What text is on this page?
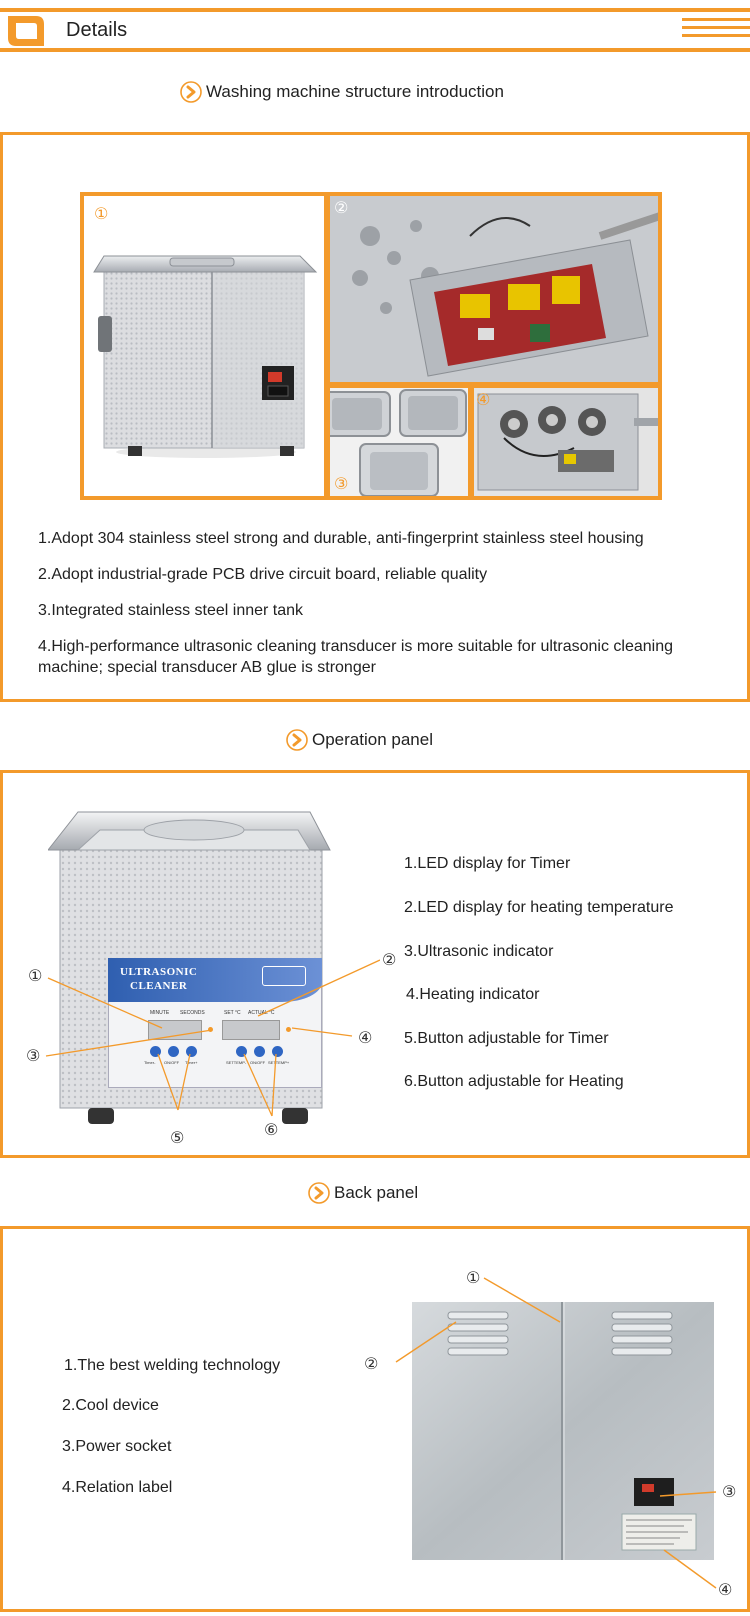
Details
Washing machine structure introduction
①	②
③
④
1.Adopt 304 stainless steel strong and durable, anti-fingerprint stainless steel housing
2.Adopt industrial-grade PCB drive circuit board, reliable quality
3.Integrated stainless steel inner tank
4.High-performance ultrasonic cleaning transducer is more suitable for ultrasonic cleaning machine; special transducer AB glue is stronger
Operation panel
ULTRASONIC
CLEANER
MINUTE SECONDS	SET °C ACTUAL °C
Timer- ON/OFF Timer+	SETTEMP- ON/OFF SETTEMP+
①
②
③
④
⑤	⑥
1.LED display for Timer
2.LED display for heating temperature
3.Ultrasonic indicator
4.Heating indicator
5.Button adjustable for Timer
6.Button adjustable for Heating
Back panel
①
②
③
④
1.The best welding technology
2.Cool device
3.Power socket
4.Relation label
